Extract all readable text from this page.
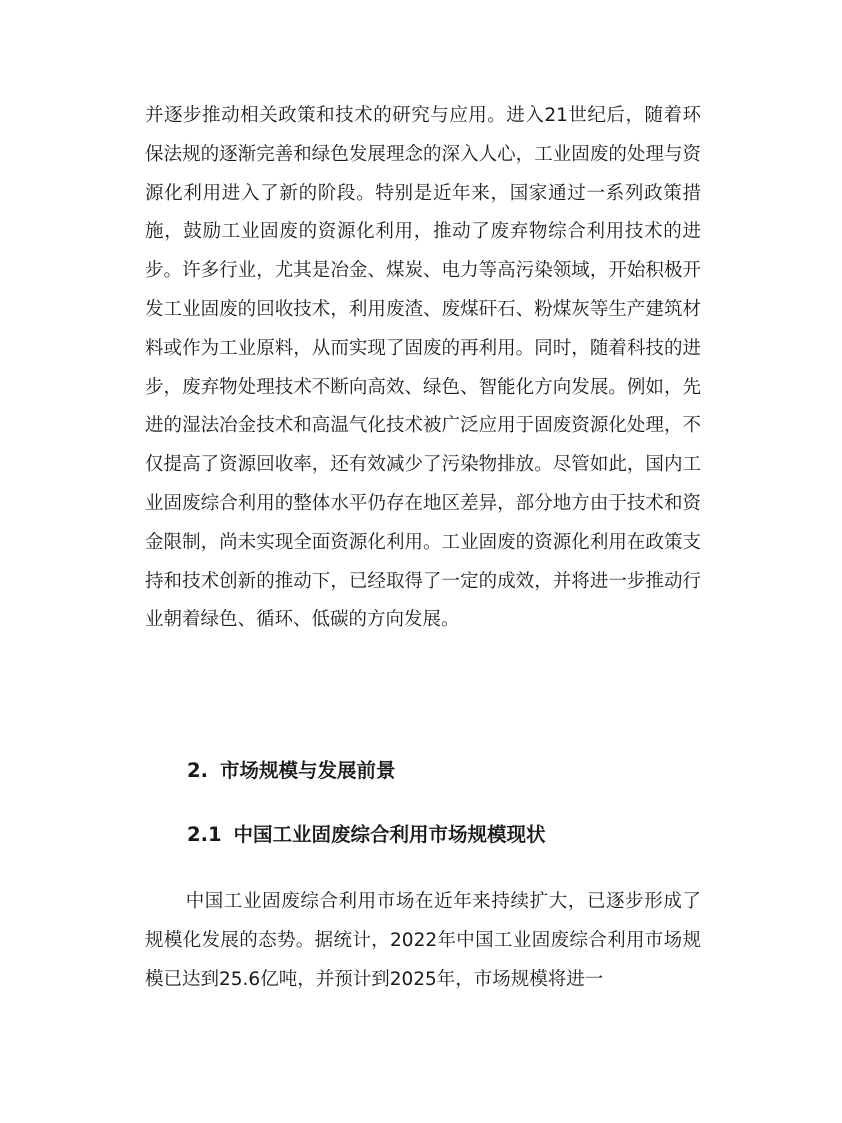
并逐步推动相关政策和技术的研究与应用。进入21世纪后，随着环保法规的逐渐完善和绿色发展理念的深入人心，工业固废的处理与资源化利用进入了新的阶段。特别是近年来，国家通过一系列政策措施，鼓励工业固废的资源化利用，推动了废弃物综合利用技术的进步。许多行业，尤其是冶金、煤炭、电力等高污染领域，开始积极开发工业固废的回收技术，利用废渣、废煤矸石、粉煤灰等生产建筑材料或作为工业原料，从而实现了固废的再利用。同时，随着科技的进步，废弃物处理技术不断向高效、绿色、智能化方向发展。例如，先进的湿法冶金技术和高温气化技术被广泛应用于固废资源化处理，不仅提高了资源回收率，还有效减少了污染物排放。尽管如此，国内工业固废综合利用的整体水平仍存在地区差异，部分地方由于技术和资金限制，尚未实现全面资源化利用。工业固废的资源化利用在政策支持和技术创新的推动下，已经取得了一定的成效，并将进一步推动行业朝着绿色、循环、低碳的方向发展。

2. 市场规模与发展前景
2.1 中国工业固废综合利用市场规模现状

中国工业固废综合利用市场在近年来持续扩大，已逐步形成了规模化发展的态势。据统计，2022年中国工业固废综合利用市场规模已达到25.6亿吨，并预计到2025年，市场规模将进一
